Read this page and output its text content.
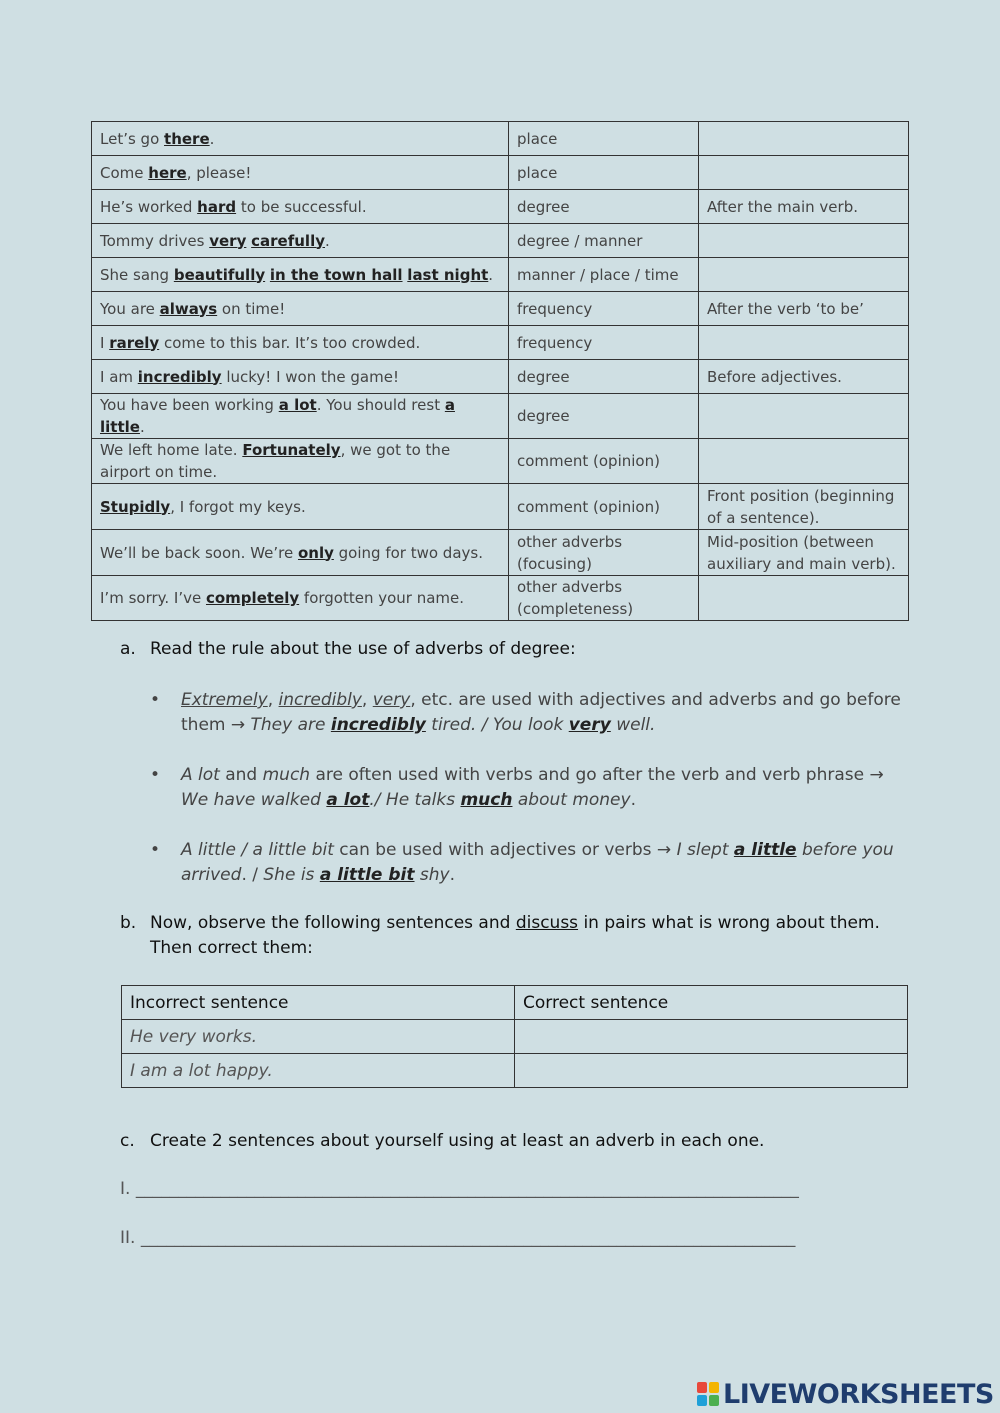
Let’s go there.	place	
Come here, please!	place	
He’s worked hard to be successful.	degree	After the main verb.
Tommy drives very carefully.	degree / manner	
She sang beautifully in the town hall last night.	manner / place / time	
You are always on time!	frequency	After the verb ‘to be’
I rarely come to this bar. It’s too crowded.	frequency	
I am incredibly lucky! I won the game!	degree	Before adjectives.
You have been working a lot. You should rest a little.	degree	
We left home late. Fortunately, we got to the airport on time.	comment (opinion)	
Stupidly, I forgot my keys.	comment (opinion)	Front position (beginning of a sentence).
We’ll be back soon. We’re only going for two days.	other adverbs (focusing)	Mid-position (between auxiliary and main verb).
I’m sorry. I’ve completely forgotten your name.	other adverbs (completeness)	
a. Read the rule about the use of adverbs of degree:
• Extremely, incredibly, very, etc. are used with adjectives and adverbs and go before them → They are incredibly tired. / You look very well.
• A lot and much are often used with verbs and go after the verb and verb phrase → We have walked a lot./ He talks much about money.
• A little / a little bit can be used with adjectives or verbs → I slept a little before you arrived. / She is a little bit shy.
b. Now, observe the following sentences and discuss in pairs what is wrong about them. Then correct them:
Incorrect sentence	Correct sentence
He very works.	
I am a lot happy.	
c. Create 2 sentences about yourself using at least an adverb in each one.
I. ______________________________________________________________________________
II. _____________________________________________________________________________
LIVEWORKSHEETS
